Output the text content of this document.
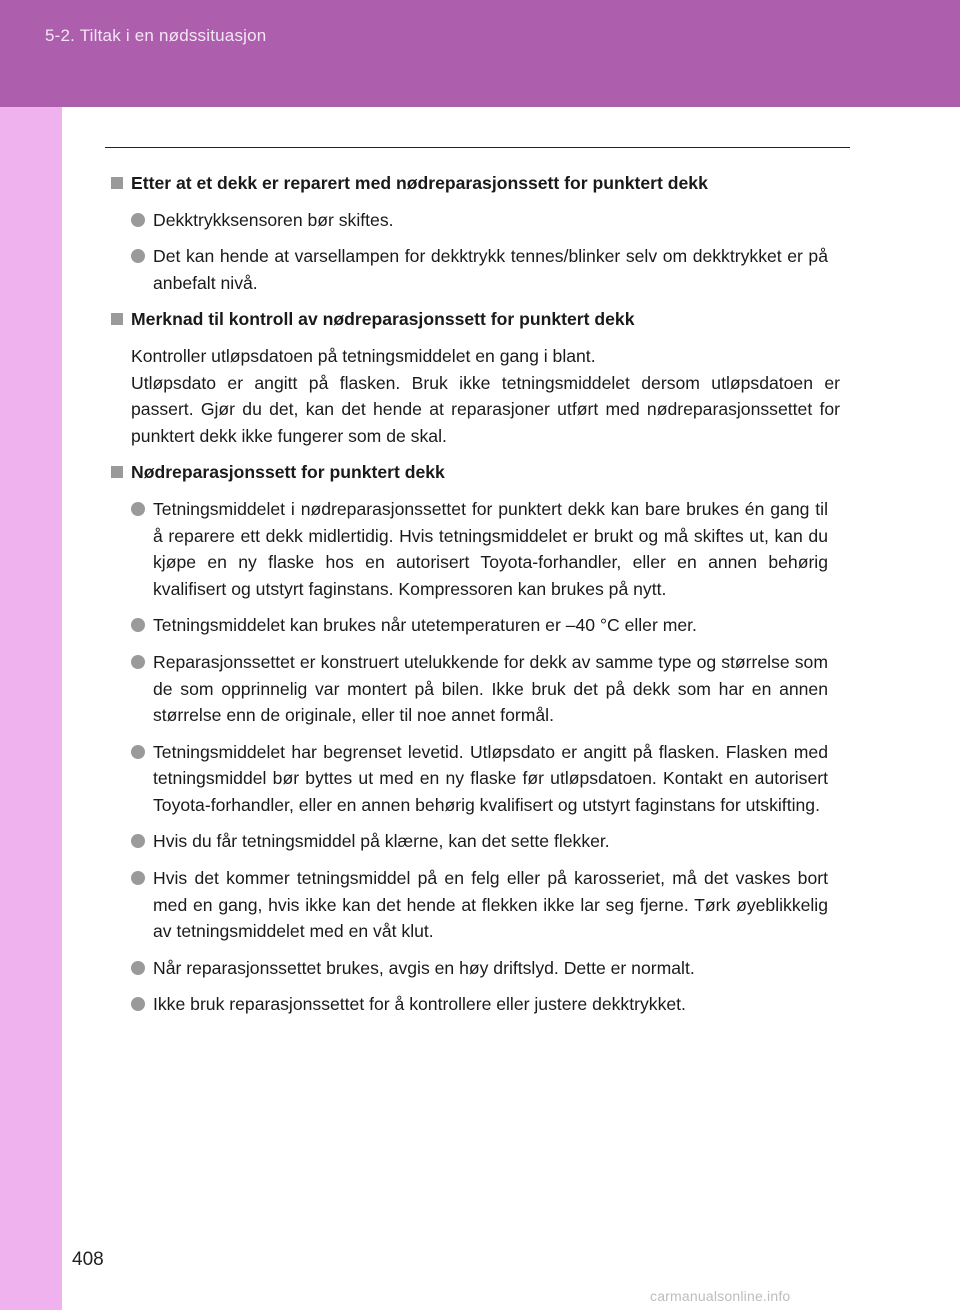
5-2. Tiltak i en nødssituasjon
Etter at et dekk er reparert med nødreparasjonssett for punktert dekk
Dekktrykksensoren bør skiftes.
Det kan hende at varsellampen for dekktrykk tennes/blinker selv om dekktrykket er på anbefalt nivå.
Merknad til kontroll av nødreparasjonssett for punktert dekk
Kontroller utløpsdatoen på tetningsmiddelet en gang i blant.
Utløpsdato er angitt på flasken. Bruk ikke tetningsmiddelet dersom utløpsdatoen er passert. Gjør du det, kan det hende at reparasjoner utført med nødreparasjonssettet for punktert dekk ikke fungerer som de skal.
Nødreparasjonssett for punktert dekk
Tetningsmiddelet i nødreparasjonssettet for punktert dekk kan bare brukes én gang til å reparere ett dekk midlertidig. Hvis tetningsmiddelet er brukt og må skiftes ut, kan du kjøpe en ny flaske hos en autorisert Toyota-forhandler, eller en annen behørig kvalifisert og utstyrt faginstans. Kompressoren kan brukes på nytt.
Tetningsmiddelet kan brukes når utetemperaturen er –40 °C eller mer.
Reparasjonssettet er konstruert utelukkende for dekk av samme type og størrelse som de som opprinnelig var montert på bilen. Ikke bruk det på dekk som har en annen størrelse enn de originale, eller til noe annet formål.
Tetningsmiddelet har begrenset levetid. Utløpsdato er angitt på flasken. Flasken med tetningsmiddel bør byttes ut med en ny flaske før utløpsdatoen. Kontakt en autorisert Toyota-forhandler, eller en annen behørig kvalifisert og utstyrt faginstans for utskifting.
Hvis du får tetningsmiddel på klærne, kan det sette flekker.
Hvis det kommer tetningsmiddel på en felg eller på karosseriet, må det vaskes bort med en gang, hvis ikke kan det hende at flekken ikke lar seg fjerne. Tørk øyeblikkelig av tetningsmiddelet med en våt klut.
Når reparasjonssettet brukes, avgis en høy driftslyd. Dette er normalt.
Ikke bruk reparasjonssettet for å kontrollere eller justere dekktrykket.
408
carmanualsonline.info
